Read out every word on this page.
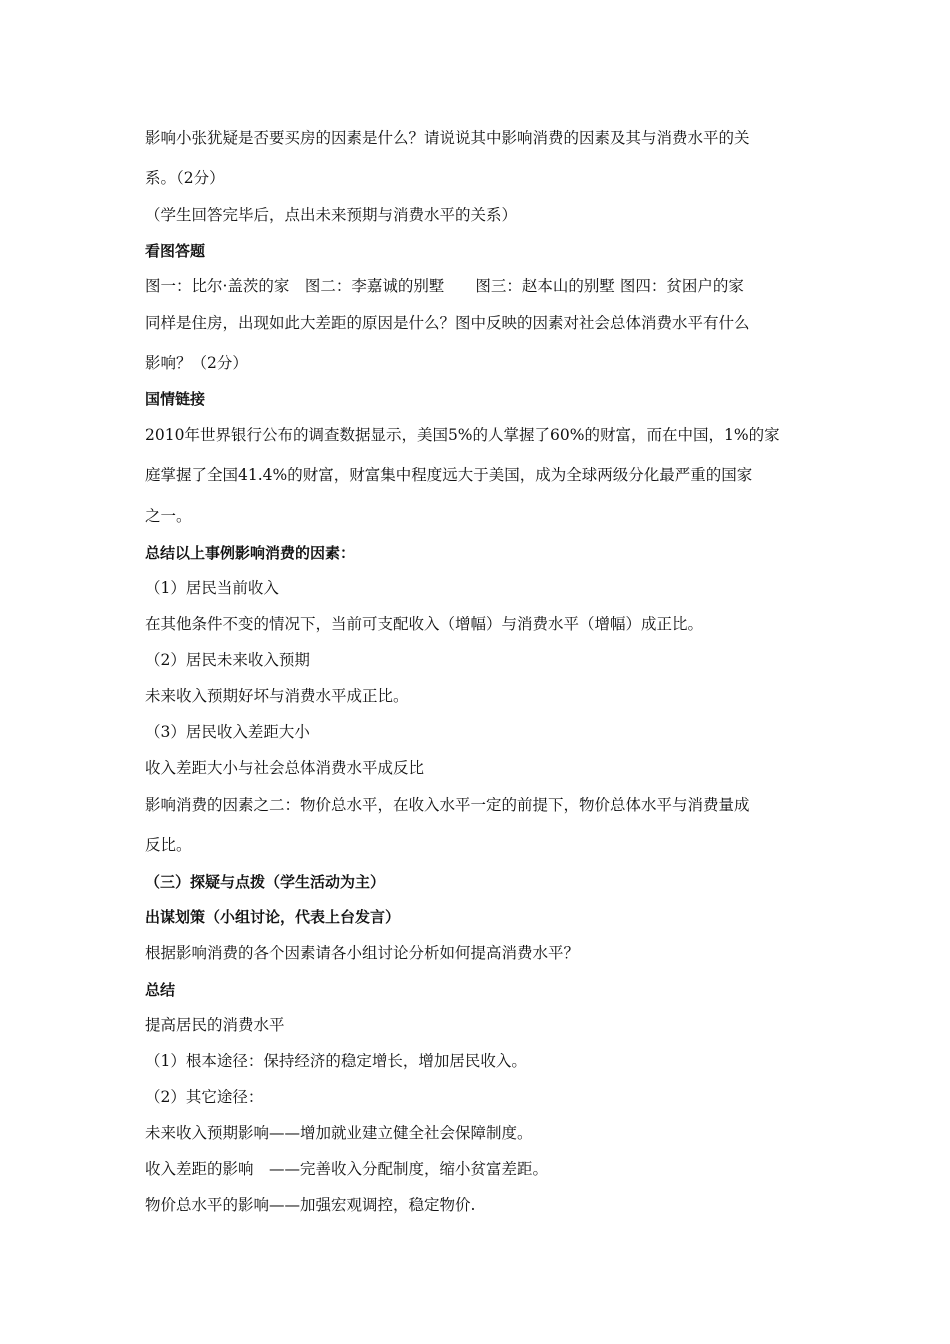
影响小张犹疑是否要买房的因素是什么？请说说其中影响消费的因素及其与消费水平的关
系。（2分）
（学生回答完毕后，点出未来预期与消费水平的关系）
看图答题
图一：比尔·盖茨的家　图二：李嘉诚的别墅　　图三：赵本山的别墅 图四：贫困户的家
同样是住房，出现如此大差距的原因是什么？图中反映的因素对社会总体消费水平有什么
影响？（2分）
国情链接
2010年世界银行公布的调查数据显示，美国5%的人掌握了60%的财富，而在中国，1%的家
庭掌握了全国41.4%的财富，财富集中程度远大于美国，成为全球两级分化最严重的国家
之一。
总结以上事例影响消费的因素：
（1）居民当前收入
在其他条件不变的情况下，当前可支配收入（增幅）与消费水平（增幅）成正比。
（2）居民未来收入预期
未来收入预期好坏与消费水平成正比。
（3）居民收入差距大小
收入差距大小与社会总体消费水平成反比
影响消费的因素之二：物价总水平，在收入水平一定的前提下，物价总体水平与消费量成
反比。
（三）探疑与点拨（学生活动为主）
出谋划策（小组讨论，代表上台发言）
根据影响消费的各个因素请各小组讨论分析如何提高消费水平？
总结
提高居民的消费水平
（1）根本途径：保持经济的稳定增长，增加居民收入。
（2）其它途径：
未来收入预期影响——增加就业建立健全社会保障制度。
收入差距的影响　——完善收入分配制度，缩小贫富差距。
物价总水平的影响——加强宏观调控，稳定物价.
